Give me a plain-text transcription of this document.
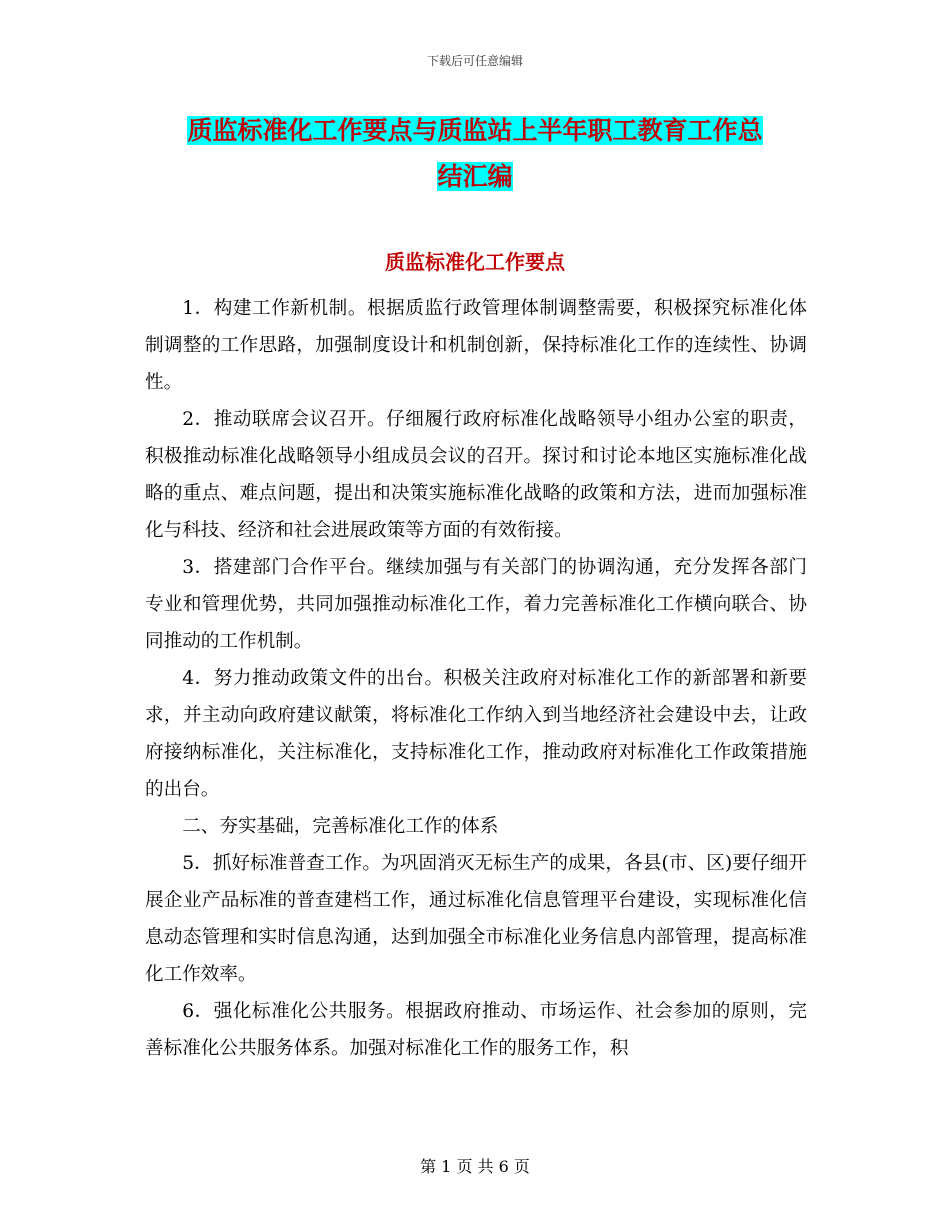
下载后可任意编辑
质监标准化工作要点与质监站上半年职工教育工作总
结汇编
质监标准化工作要点

1．构建工作新机制。根据质监行政管理体制调整需要，积极探究标准化体制调整的工作思路，加强制度设计和机制创新，保持标准化工作的连续性、协调性。

2．推动联席会议召开。仔细履行政府标准化战略领导小组办公室的职责，积极推动标准化战略领导小组成员会议的召开。探讨和讨论本地区实施标准化战略的重点、难点问题，提出和决策实施标准化战略的政策和方法，进而加强标准化与科技、经济和社会进展政策等方面的有效衔接。

3．搭建部门合作平台。继续加强与有关部门的协调沟通，充分发挥各部门专业和管理优势，共同加强推动标准化工作，着力完善标准化工作横向联合、协同推动的工作机制。

4．努力推动政策文件的出台。积极关注政府对标准化工作的新部署和新要求，并主动向政府建议献策，将标准化工作纳入到当地经济社会建设中去，让政府接纳标准化，关注标准化，支持标准化工作，推动政府对标准化工作政策措施的出台。

二、夯实基础，完善标准化工作的体系

5．抓好标准普查工作。为巩固消灭无标生产的成果，各县(市、区)要仔细开展企业产品标准的普查建档工作，通过标准化信息管理平台建设，实现标准化信息动态管理和实时信息沟通，达到加强全市标准化业务信息内部管理，提高标准化工作效率。

6．强化标准化公共服务。根据政府推动、市场运作、社会参加的原则，完善标准化公共服务体系。加强对标准化工作的服务工作，积

第 1 页 共 6 页
